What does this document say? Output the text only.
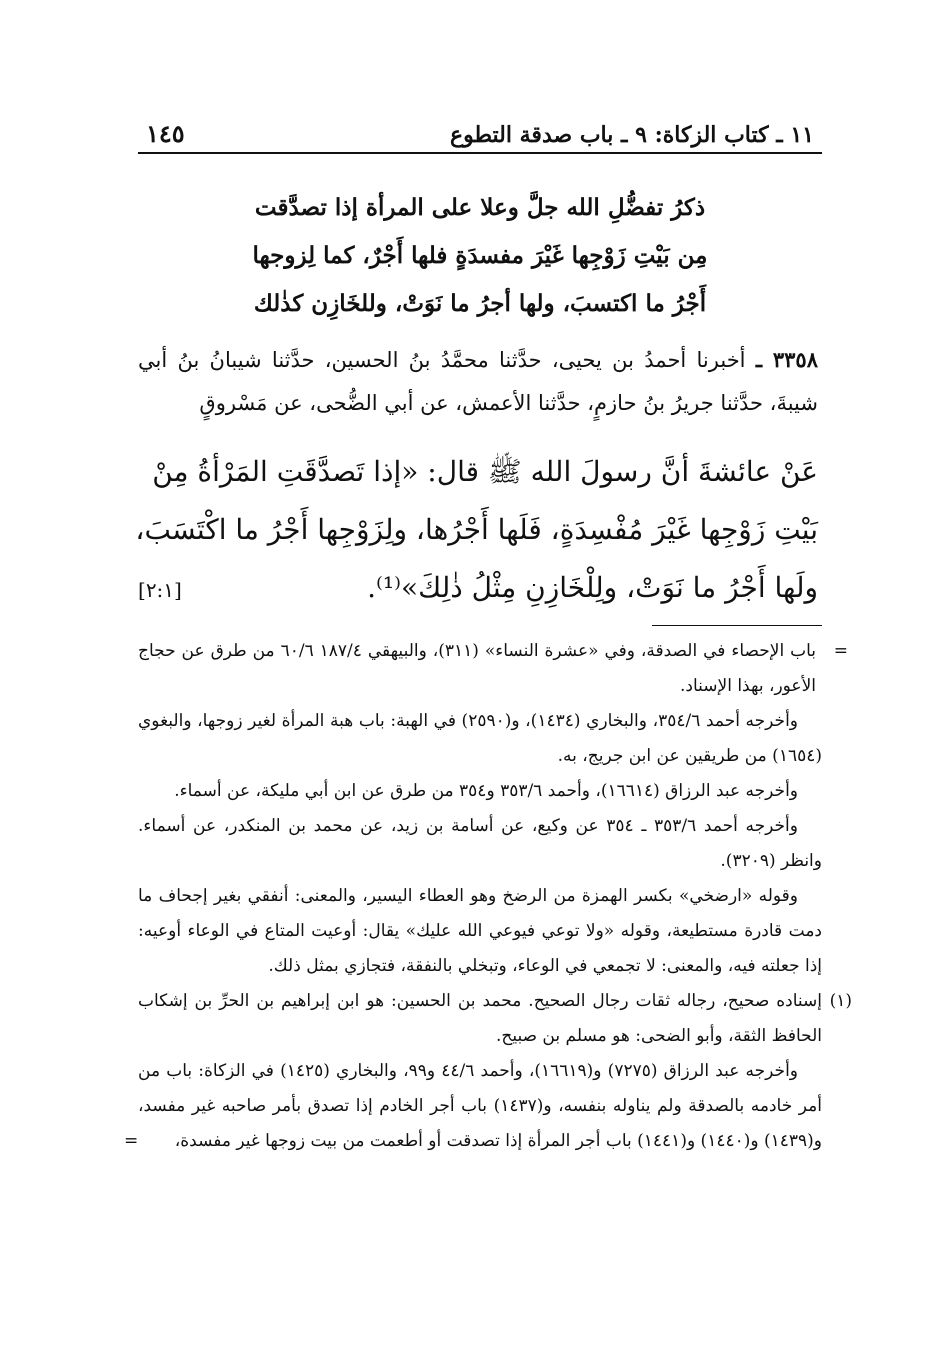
١١ ـ كتاب الزكاة: ٩ ـ باب صدقة التطوع
١٤٥
ذكرُ تفضُّلِ الله جلَّ وعلا على المرأة إذا تصدَّقت
مِن بَيْتِ زَوْجِها غَيْرَ مفسدَةٍ فلها أَجْرٌ، كما لِزوجها
أَجْرُ ما اكتسبَ، ولها أجرُ ما نَوَتْ، وللخَازِن كذٰلك
٣٣٥٨ ـ أخبرنا أحمدُ بن يحيى، حدَّثنا محمَّدُ بنُ الحسين، حدَّثنا شيبانُ بنُ أبي شيبةَ، حدَّثنا جريرُ بنُ حازمٍ، حدَّثنا الأعمش، عن أبي الضُّحى، عن مَسْروقٍ
عَنْ عائشةَ أنَّ رسولَ الله ﷺ قال: «إذا تَصدَّقَتِ المَرْأةُ مِنْ
بَيْتِ زَوْجِها غَيْرَ مُفْسِدَةٍ، فَلَها أَجْرُها، ولِزَوْجِها أَجْرُ ما اكْتَسَبَ،
ولَها أَجْرُ ما نَوَتْ، ولِلْخَازِنِ مِثْلُ ذٰلِكَ»⁽¹⁾.
[٢:١]
=
باب الإحصاء في الصدقة، وفي «عشرة النساء» (٣١١)، والبيهقي ١٨٧/٤ ٦٠/٦ من طرق عن حجاج الأعور، بهذا الإسناد.
وأخرجه أحمد ٣٥٤/٦، والبخاري (١٤٣٤)، و(٢٥٩٠) في الهبة: باب هبة المرأة لغير زوجها، والبغوي (١٦٥٤) من طريقين عن ابن جريج، به.
وأخرجه عبد الرزاق (١٦٦١٤)، وأحمد ٣٥٣/٦ و٣٥٤ من طرق عن ابن أبي مليكة، عن أسماء.
وأخرجه أحمد ٣٥٣/٦ ـ ٣٥٤ عن وكيع، عن أسامة بن زيد، عن محمد بن المنكدر، عن أسماء. وانظر (٣٢٠٩).
وقوله «ارضخي» بكسر الهمزة من الرضخ وهو العطاء اليسير، والمعنى: أنفقي بغير إجحاف ما دمت قادرة مستطيعة، وقوله «ولا توعي فيوعي الله عليك» يقال: أوعيت المتاع في الوعاء أوعيه: إذا جعلته فيه، والمعنى: لا تجمعي في الوعاء، وتبخلي بالنفقة، فتجازي بمثل ذلك.
(١)
إسناده صحيح، رجاله ثقات رجال الصحيح. محمد بن الحسين: هو ابن إبراهيم بن الحرِّ بن إشكاب الحافظ الثقة، وأبو الضحى: هو مسلم بن صبيح.
وأخرجه عبد الرزاق (٧٢٧٥) و(١٦٦١٩)، وأحمد ٤٤/٦ و٩٩، والبخاري (١٤٢٥) في الزكاة: باب من أمر خادمه بالصدقة ولم يناوله بنفسه، و(١٤٣٧) باب أجر الخادم إذا تصدق بأمر صاحبه غير مفسد، و(١٤٣٩) و(١٤٤٠) و(١٤٤١) باب أجر المرأة إذا تصدقت أو أطعمت من بيت زوجها غير مفسدة،
=
